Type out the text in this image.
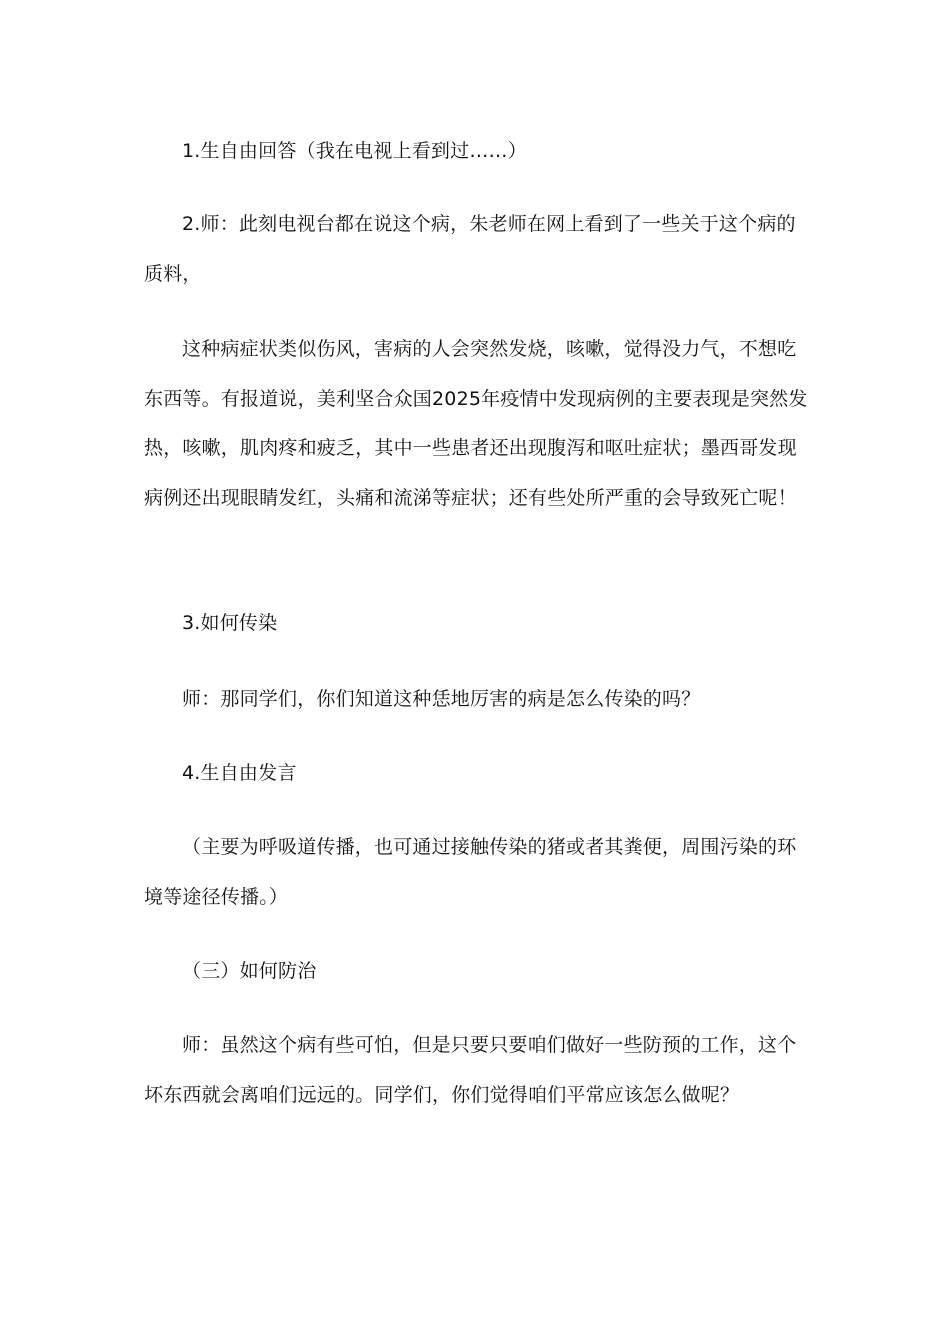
1.生自由回答（我在电视上看到过……）

2.师：此刻电视台都在说这个病，朱老师在网上看到了一些关于这个病的质料，

这种病症状类似伤风，害病的人会突然发烧，咳嗽，觉得没力气，不想吃东西等。有报道说，美利坚合众国2025年疫情中发现病例的主要表现是突然发热，咳嗽，肌肉疼和疲乏，其中一些患者还出现腹泻和呕吐症状；墨西哥发现病例还出现眼睛发红，头痛和流涕等症状；还有些处所严重的会导致死亡呢！

3.如何传染

师：那同学们，你们知道这种恁地厉害的病是怎么传染的吗？

4.生自由发言

（主要为呼吸道传播，也可通过接触传染的猪或者其粪便，周围污染的环境等途径传播。）

（三）如何防治

师：虽然这个病有些可怕，但是只要只要咱们做好一些防预的工作，这个坏东西就会离咱们远远的。同学们，你们觉得咱们平常应该怎么做呢？
